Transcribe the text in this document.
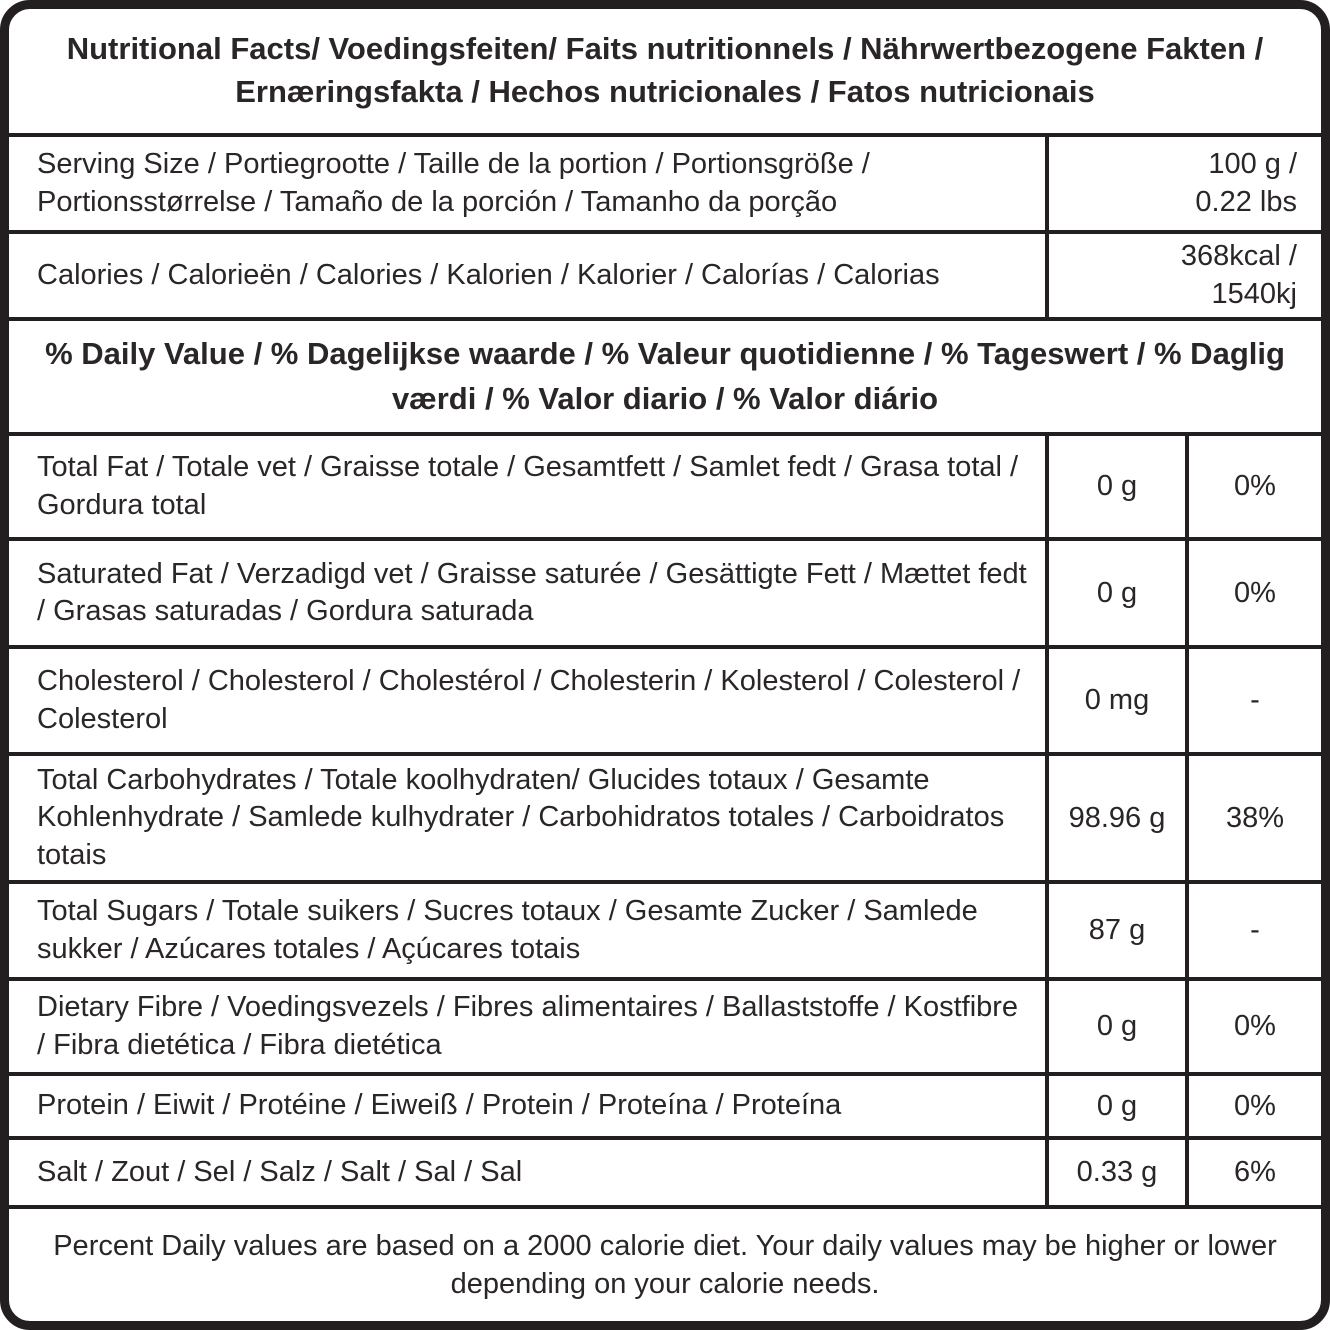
Nutritional Facts/ Voedingsfeiten/ Faits nutritionnels / Nährwertbezogene Fakten / Ernæringsfakta / Hechos nutricionales / Fatos nutricionais
Serving Size / Portiegrootte / Taille de la portion / Portionsgröße / Portionsstørrelse / Tamaño de la porción / Tamanho da porção
100 g /
0.22 lbs
Calories / Calorieën / Calories / Kalorien / Kalorier / Calorías / Calorias
368kcal /
1540kj
% Daily Value / % Dagelijkse waarde / % Valeur quotidienne / % Tageswert / % Daglig værdi / % Valor diario / % Valor diário
Total Fat / Totale vet / Graisse totale / Gesamtfett / Samlet fedt / Grasa total / Gordura total
0 g	0%
Saturated Fat / Verzadigd vet / Graisse saturée / Gesättigte Fett / Mættet fedt / Grasas saturadas / Gordura saturada
0 g	0%
Cholesterol / Cholesterol / Cholestérol / Cholesterin / Kolesterol / Colesterol / Colesterol
0 mg	-
Total Carbohydrates / Totale koolhydraten/ Glucides totaux / Gesamte Kohlenhydrate / Samlede kulhydrater / Carbohidratos totales / Carboidratos totais
98.96 g	38%
Total Sugars / Totale suikers / Sucres totaux / Gesamte Zucker / Samlede sukker / Azúcares totales / Açúcares totais
87 g	-
Dietary Fibre / Voedingsvezels / Fibres alimentaires / Ballaststoffe / Kostfibre / Fibra dietética / Fibra dietética
0 g	0%
Protein / Eiwit / Protéine / Eiweiß / Protein / Proteína / Proteína	0 g	0%
Salt / Zout / Sel / Salz / Salt / Sal / Sal	0.33 g	6%
Percent Daily values are based on a 2000 calorie diet. Your daily values may be higher or lower depending on your calorie needs.
